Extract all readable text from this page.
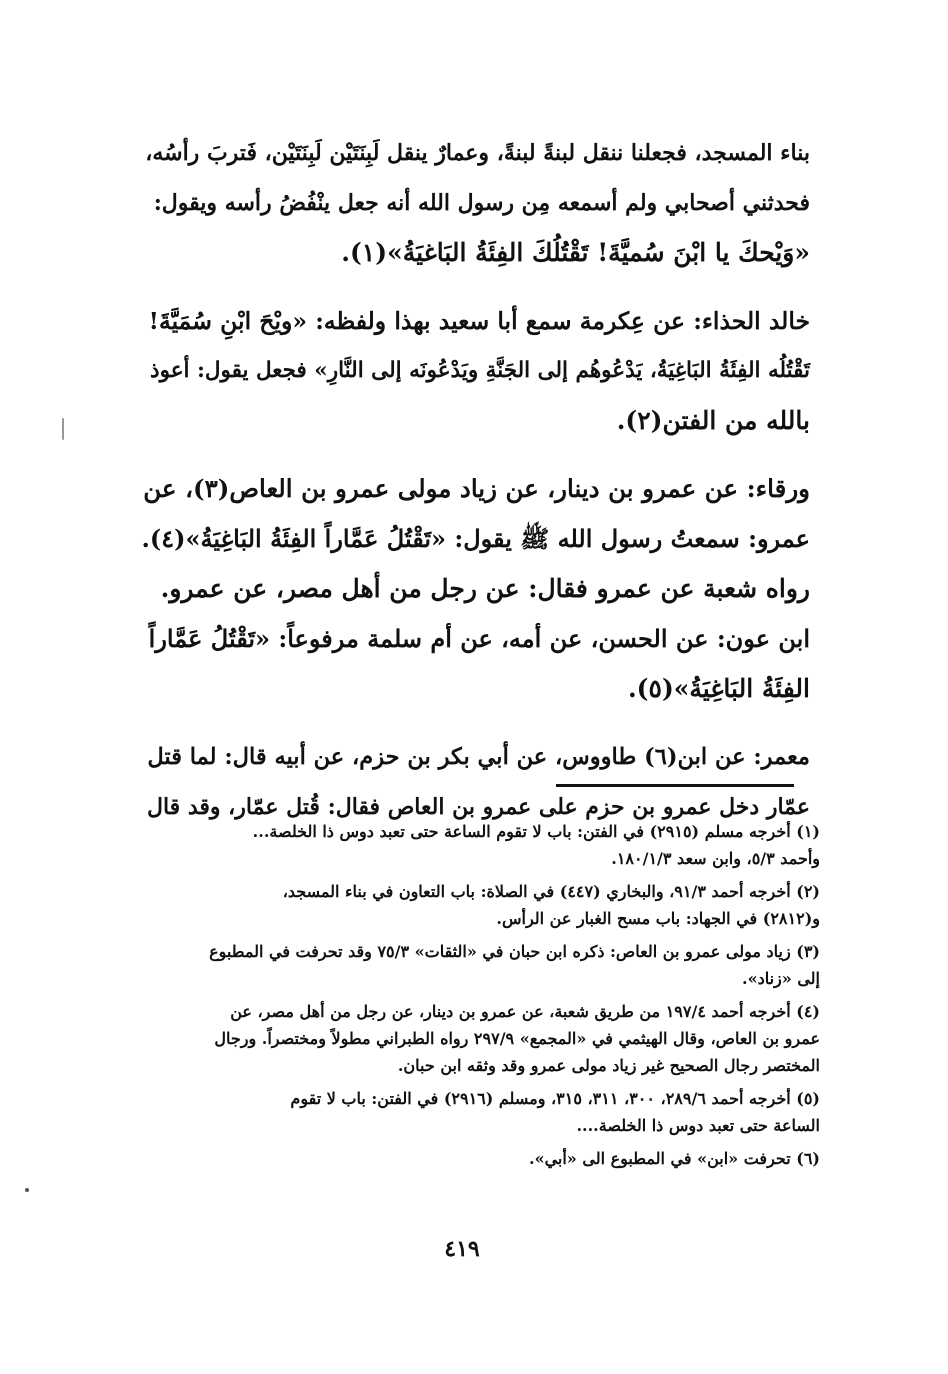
بناء المسجد، فجعلنا ننقل لبنةً لبنةً، وعمارٌ ينقل لَبِنَتَيْن لَبِنَتَيْن، فَتربَ رأسُه،
فحدثني أصحابي ولم أسمعه مِن رسول الله أنه جعل ينْفُضُ رأسه ويقول:
«وَيْحكَ يا ابْنَ سُميَّةَ! تَقْتُلُكَ الفِئَةُ البَاغيَةُ»(١).

خالد الحذاء: عن عِكرمة سمع أبا سعيد بهذا ولفظه: «ويْحَ ابْنِ سُمَيَّةَ!
تَقْتُلُه الفِئَةُ البَاغِيَةُ، يَدْعُوهُم إلى الجَنَّةِ ويَدْعُونَه إلى النَّارِ» فجعل يقول: أعوذ
بالله من الفتن(٢).

ورقاء: عن عمرو بن دينار، عن زياد مولى عمرو بن العاص(٣)، عن
عمرو: سمعتُ رسول الله ﷺ يقول: «تَقْتُلُ عَمَّاراً الفِئَةُ البَاغِيَةُ»(٤).

رواه شعبة عن عمرو فقال: عن رجل من أهل مصر، عن عمرو.

ابن عون: عن الحسن، عن أمه، عن أم سلمة مرفوعاً: «تَقْتُلُ عَمَّاراً
الفِئَةُ البَاغِيَةُ»(٥).

معمر: عن ابن(٦) طاووس، عن أبي بكر بن حزم، عن أبيه قال: لما قتل
عمّار دخل عمرو بن حزم على عمرو بن العاص فقال: قُتل عمّار، وقد قال

(١) أخرجه مسلم (٢٩١٥) في الفتن: باب لا تقوم الساعة حتى تعبد دوس ذا الخلصة...
وأحمد ٥/٣، وابن سعد ١٨٠/١/٣.

(٢) أخرجه أحمد ٩١/٣، والبخاري (٤٤٧) في الصلاة: باب التعاون في بناء المسجد،
و(٢٨١٢) في الجهاد: باب مسح الغبار عن الرأس.

(٣) زياد مولى عمرو بن العاص: ذكره ابن حبان في «الثقات» ٧٥/٣ وقد تحرفت في المطبوع
إلى «زناد».

(٤) أخرجه أحمد ١٩٧/٤ من طريق شعبة، عن عمرو بن دينار، عن رجل من أهل مصر، عن
عمرو بن العاص، وقال الهيثمي في «المجمع» ٢٩٧/٩ رواه الطبراني مطولاً ومختصراً. ورجال
المختصر رجال الصحيح غير زياد مولى عمرو وقد وثقه ابن حبان.

(٥) أخرجه أحمد ٢٨٩/٦، ٣٠٠، ٣١١، ٣١٥، ومسلم (٢٩١٦) في الفتن: باب لا تقوم
الساعة حتى تعبد دوس ذا الخلصة....

(٦) تحرفت «ابن» في المطبوع الى «أبي».

٤١٩
